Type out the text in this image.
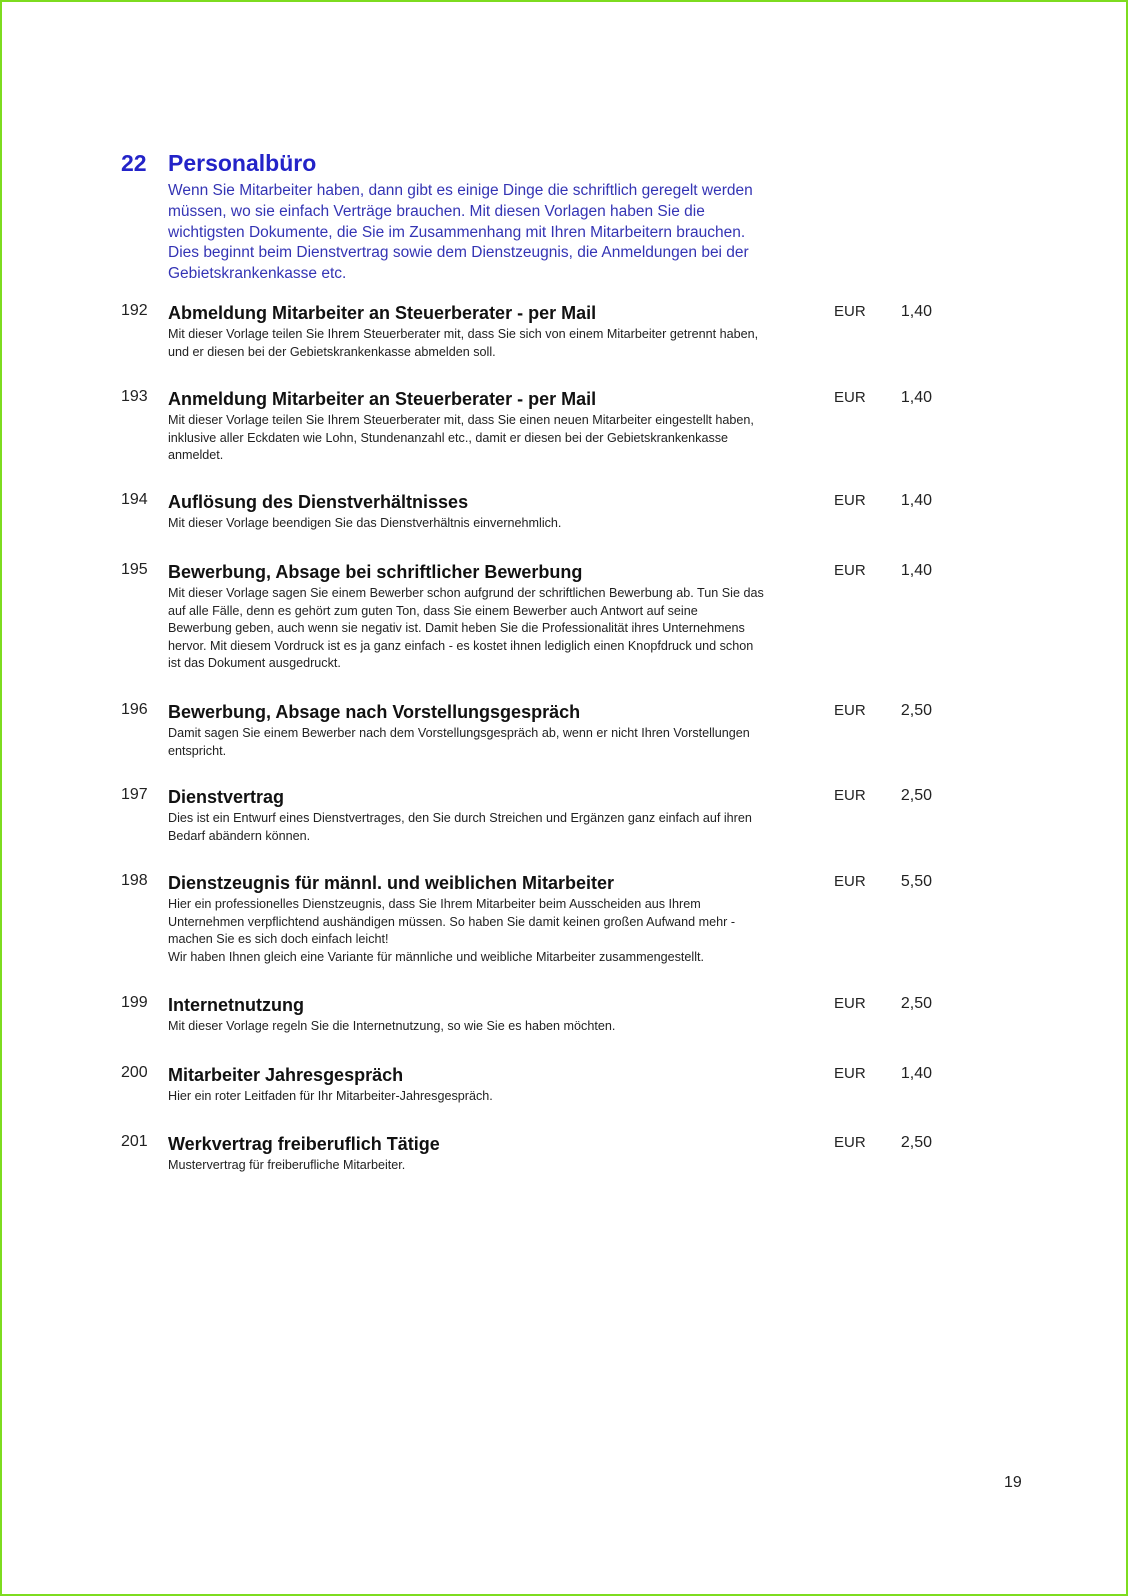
22 Personalbüro
Wenn Sie Mitarbeiter haben, dann gibt es einige Dinge die schriftlich geregelt werden
müssen, wo sie einfach Verträge brauchen. Mit diesen Vorlagen haben Sie die
wichtigsten Dokumente, die Sie im Zusammenhang mit Ihren Mitarbeitern brauchen.
Dies beginnt beim Dienstvertrag sowie dem Dienstzeugnis, die Anmeldungen bei der
Gebietskrankenkasse etc.
192 Abmeldung Mitarbeiter an Steuerberater - per Mail	EUR 1,40
Mit dieser Vorlage teilen Sie Ihrem Steuerberater mit, dass Sie sich von einem Mitarbeiter getrennt haben,
und er diesen bei der Gebietskrankenkasse abmelden soll.
193 Anmeldung Mitarbeiter an Steuerberater - per Mail	EUR 1,40
Mit dieser Vorlage teilen Sie Ihrem Steuerberater mit, dass Sie einen neuen Mitarbeiter eingestellt haben,
inklusive aller Eckdaten wie Lohn, Stundenanzahl etc., damit er diesen bei der Gebietskrankenkasse
anmeldet.
194 Auflösung des Dienstverhältnisses	EUR 1,40
Mit dieser Vorlage beendigen Sie das Dienstverhältnis einvernehmlich.
195 Bewerbung, Absage bei schriftlicher Bewerbung	EUR 1,40
Mit dieser Vorlage sagen Sie einem Bewerber schon aufgrund der schriftlichen Bewerbung ab. Tun Sie das
auf alle Fälle, denn es gehört zum guten Ton, dass Sie einem Bewerber auch Antwort auf seine
Bewerbung geben, auch wenn sie negativ ist. Damit heben Sie die Professionalität ihres Unternehmens
hervor. Mit diesem Vordruck ist es ja ganz einfach - es kostet ihnen lediglich einen Knopfdruck und schon
ist das Dokument ausgedruckt.
196 Bewerbung, Absage nach Vorstellungsgespräch	EUR 2,50
Damit sagen Sie einem Bewerber nach dem Vorstellungsgespräch ab, wenn er nicht Ihren Vorstellungen
entspricht.
197 Dienstvertrag	EUR 2,50
Dies ist ein Entwurf eines Dienstvertrages, den Sie durch Streichen und Ergänzen ganz einfach auf ihren
Bedarf abändern können.
198 Dienstzeugnis für männl. und weiblichen Mitarbeiter	EUR 5,50
Hier ein professionelles Dienstzeugnis, dass Sie Ihrem Mitarbeiter beim Ausscheiden aus Ihrem
Unternehmen verpflichtend aushändigen müssen. So haben Sie damit keinen großen Aufwand mehr -
machen Sie es sich doch einfach leicht!
Wir haben Ihnen gleich eine Variante für männliche und weibliche Mitarbeiter zusammengestellt.
199 Internetnutzung	EUR 2,50
Mit dieser Vorlage regeln Sie die Internetnutzung, so wie Sie es haben möchten.
200 Mitarbeiter Jahresgespräch	EUR 1,40
Hier ein roter Leitfaden für Ihr Mitarbeiter-Jahresgespräch.
201 Werkvertrag freiberuflich Tätige	EUR 2,50
Mustervertrag für freiberufliche Mitarbeiter.
19
